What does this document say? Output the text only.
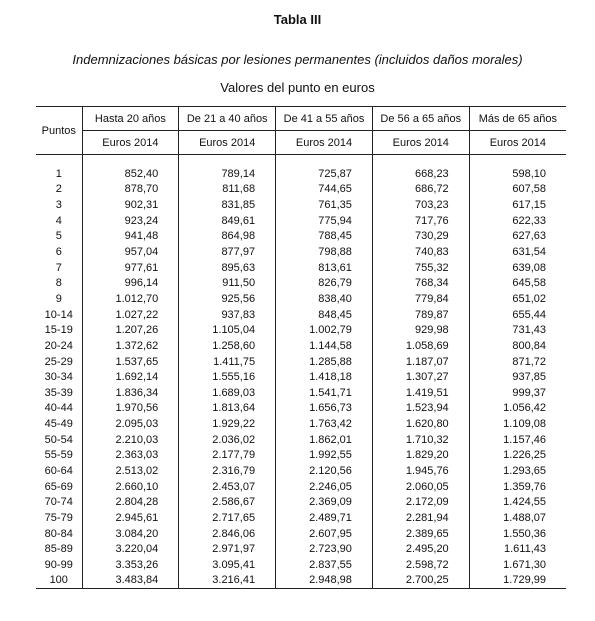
Tabla III
Indemnizaciones básicas por lesiones permanentes (incluidos daños morales)
Valores del punto en euros
Puntos	Hasta 20 años	De 21 a 40 años	De 41 a 55 años	De 56 a 65 años	Más de 65 años
	Euros 2014	Euros 2014	Euros 2014	Euros 2014	Euros 2014
1	852,40	789,14	725,87	668,23	598,10
2	878,70	811,68	744,65	686,72	607,58
3	902,31	831,85	761,35	703,23	617,15
4	923,24	849,61	775,94	717,76	622,33
5	941,48	864,98	788,45	730,29	627,63
6	957,04	877,97	798,88	740,83	631,54
7	977,61	895,63	813,61	755,32	639,08
8	996,14	911,50	826,79	768,34	645,58
9	1.012,70	925,56	838,40	779,84	651,02
10-14	1.027,22	937,83	848,45	789,87	655,44
15-19	1.207,26	1.105,04	1.002,79	929,98	731,43
20-24	1.372,62	1.258,60	1.144,58	1.058,69	800,84
25-29	1.537,65	1.411,75	1.285,88	1.187,07	871,72
30-34	1.692,14	1.555,16	1.418,18	1.307,27	937,85
35-39	1.836,34	1.689,03	1.541,71	1.419,51	999,37
40-44	1.970,56	1.813,64	1.656,73	1.523,94	1.056,42
45-49	2.095,03	1.929,22	1.763,42	1.620,80	1.109,08
50-54	2.210,03	2.036,02	1.862,01	1.710,32	1.157,46
55-59	2.363,03	2.177,79	1.992,55	1.829,20	1.226,25
60-64	2.513,02	2.316,79	2.120,56	1.945,76	1.293,65
65-69	2.660,10	2.453,07	2.246,05	2.060,05	1.359,76
70-74	2.804,28	2.586,67	2.369,09	2.172,09	1.424,55
75-79	2.945,61	2.717,65	2.489,71	2.281,94	1.488,07
80-84	3.084,20	2.846,06	2.607,95	2.389,65	1.550,36
85-89	3.220,04	2.971,97	2.723,90	2.495,20	1.611,43
90-99	3.353,26	3.095,41	2.837,55	2.598,72	1.671,30
100	3.483,84	3.216,41	2.948,98	2.700,25	1.729,99
